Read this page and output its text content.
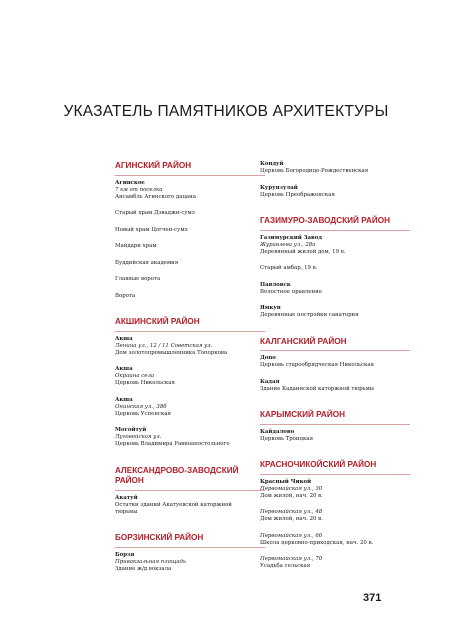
УКАЗАТЕЛЬ ПАМЯТНИКОВ АРХИТЕКТУРЫ
АГИНСКИЙ РАЙОН
Агинское
7 км от поселка
Ансамбль Агинского дацана
Старый храм Дэваджи-сумэ
Новый храм Цогчен-сумэ
Майдари храм
Буддийская академия
Главные ворота
Ворота
АКШИНСКИЙ РАЙОН
Акша
Ленина ул., 12 / 11 Советская ул.
Дом золотопромышленника Топоркова
Акша
Окраина села
Церковь Никольская
Акша
Онинская ул., 38б
Церковь Успенская
Могойтуй
Луговойская ул.
Церковь Владимира Равноапостольного
АЛЕКСАНДРОВО-ЗАВОДСКИЙ РАЙОН
Акатуй
Остатки зданий Акатуевской каторжной
тюрьмы
БОРЗИНСКИЙ РАЙОН
Борзя
Привокзальная площадь
Здание ж/д вокзала
Кондуй
Церковь Богородице-Рождественская
Курунзулай
Церковь Преображенская
ГАЗИМУРО-ЗАВОДСКИЙ РАЙОН
Газимурский Завод
Журавлева ул., 28а
Деревянный жилой дом, 19 в.
Старый амбар, 19 в.
Павловск
Волостное правление
Ямкун
Деревянные постройки санатория
КАЛГАНСКИЙ РАЙОН
Дono
Церковь старообрядческая Никольская
Кадая
Здание Кадаинской каторжной тюрьмы
КАРЫМСКИЙ РАЙОН
Кайдалово
Церковь Троицкая
КРАСНОЧИКОЙСКИЙ РАЙОН
Красный Чикой
Первомайская ул., 30
Дом жилой, нач. 20 в.
Первомайская ул., 48
Дом жилой, нач. 20 в.
Первомайская ул., 66
Школа церковно-приходская, нач. 20 в.
Первомайская ул., 70
Усадьба сельская
371
